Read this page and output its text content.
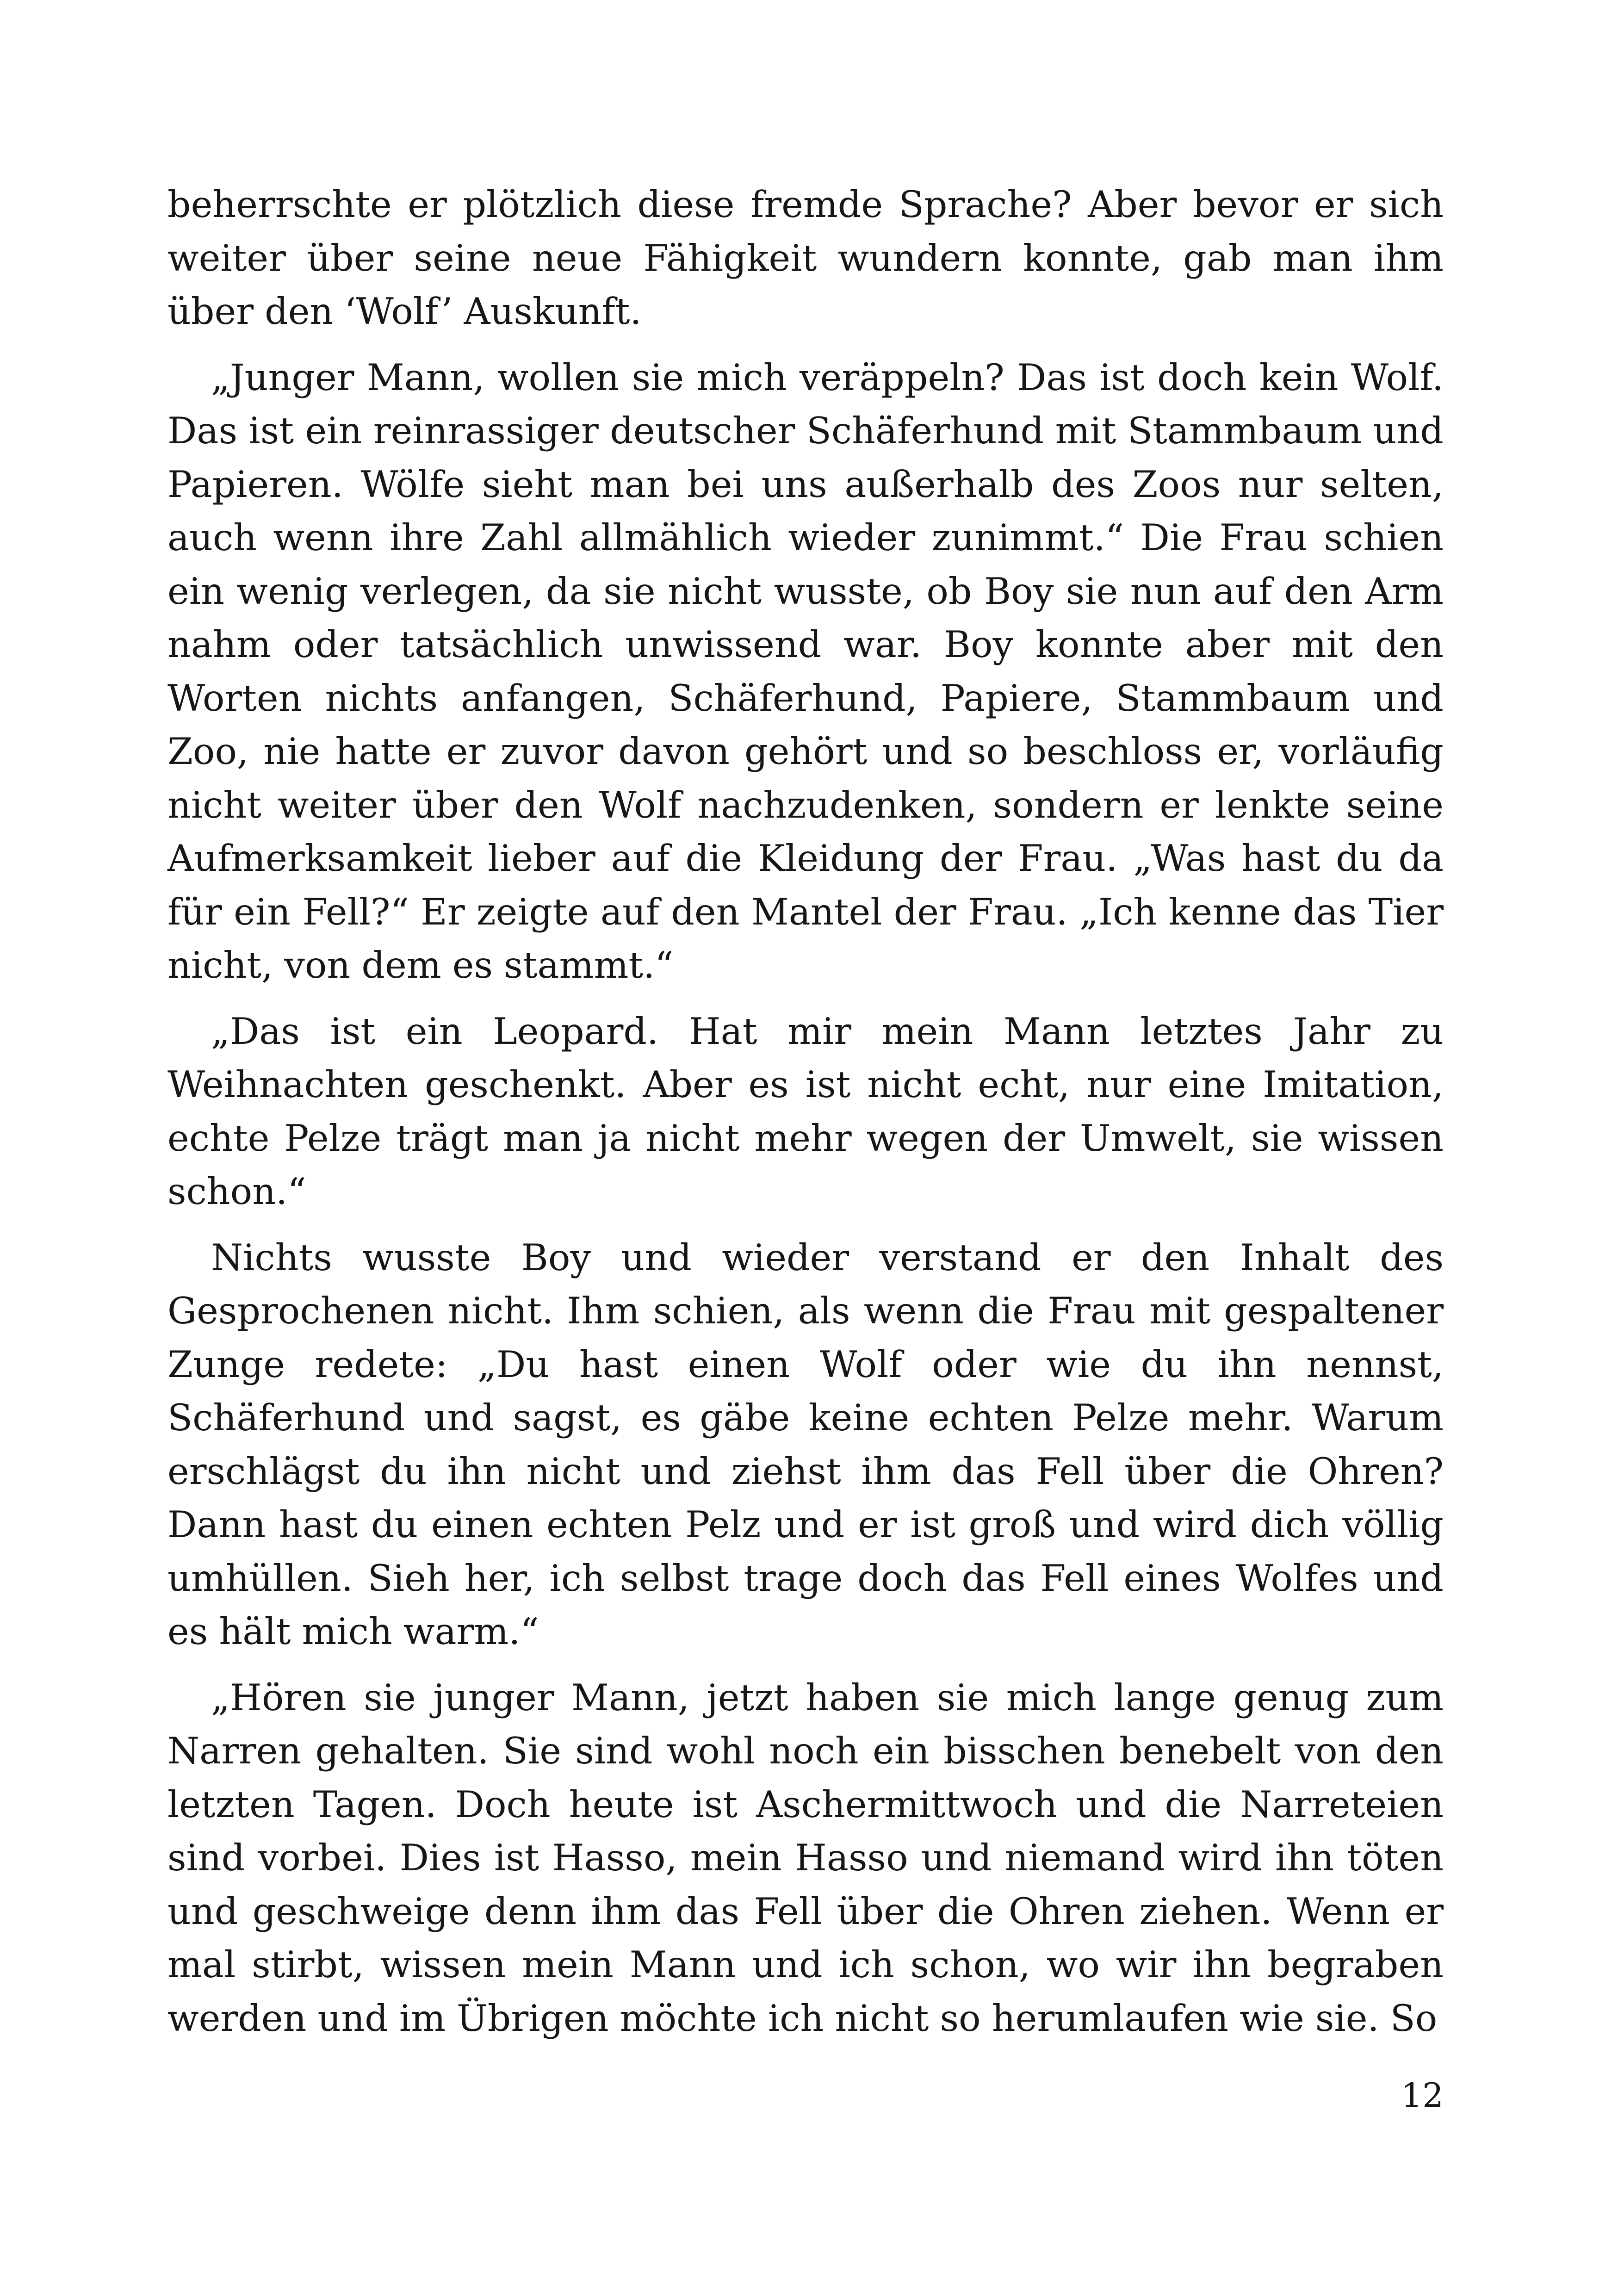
beherrschte er plötzlich diese fremde Sprache? Aber bevor er sich weiter über seine neue Fähigkeit wundern konnte, gab man ihm über den ‘Wolf’ Auskunft.

„Junger Mann, wollen sie mich veräppeln? Das ist doch kein Wolf. Das ist ein reinrassiger deutscher Schäferhund mit Stammbaum und Papieren. Wölfe sieht man bei uns außerhalb des Zoos nur selten, auch wenn ihre Zahl allmählich wieder zunimmt.“ Die Frau schien ein wenig verlegen, da sie nicht wusste, ob Boy sie nun auf den Arm nahm oder tatsächlich unwissend war. Boy konnte aber mit den Worten nichts anfangen, Schäferhund, Papiere, Stammbaum und Zoo, nie hatte er zuvor davon gehört und so beschloss er, vorläufig nicht weiter über den Wolf nachzudenken, sondern er lenkte seine Aufmerksamkeit lieber auf die Kleidung der Frau. „Was hast du da für ein Fell?“ Er zeigte auf den Mantel der Frau. „Ich kenne das Tier nicht, von dem es stammt.“

„Das ist ein Leopard. Hat mir mein Mann letztes Jahr zu Weihnachten geschenkt. Aber es ist nicht echt, nur eine Imitation, echte Pelze trägt man ja nicht mehr wegen der Umwelt, sie wissen schon.“

Nichts wusste Boy und wieder verstand er den Inhalt des Gesprochenen nicht. Ihm schien, als wenn die Frau mit gespaltener Zunge redete: „Du hast einen Wolf oder wie du ihn nennst, Schäferhund und sagst, es gäbe keine echten Pelze mehr. Warum erschlägst du ihn nicht und ziehst ihm das Fell über die Ohren? Dann hast du einen echten Pelz und er ist groß und wird dich völlig umhüllen. Sieh her, ich selbst trage doch das Fell eines Wolfes und es hält mich warm.“

„Hören sie junger Mann, jetzt haben sie mich lange genug zum Narren gehalten. Sie sind wohl noch ein bisschen benebelt von den letzten Tagen. Doch heute ist Aschermittwoch und die Narreteien sind vorbei. Dies ist Hasso, mein Hasso und niemand wird ihn töten und geschweige denn ihm das Fell über die Ohren ziehen. Wenn er mal stirbt, wissen mein Mann und ich schon, wo wir ihn begraben werden und im Übrigen möchte ich nicht so herumlaufen wie sie. So

12
